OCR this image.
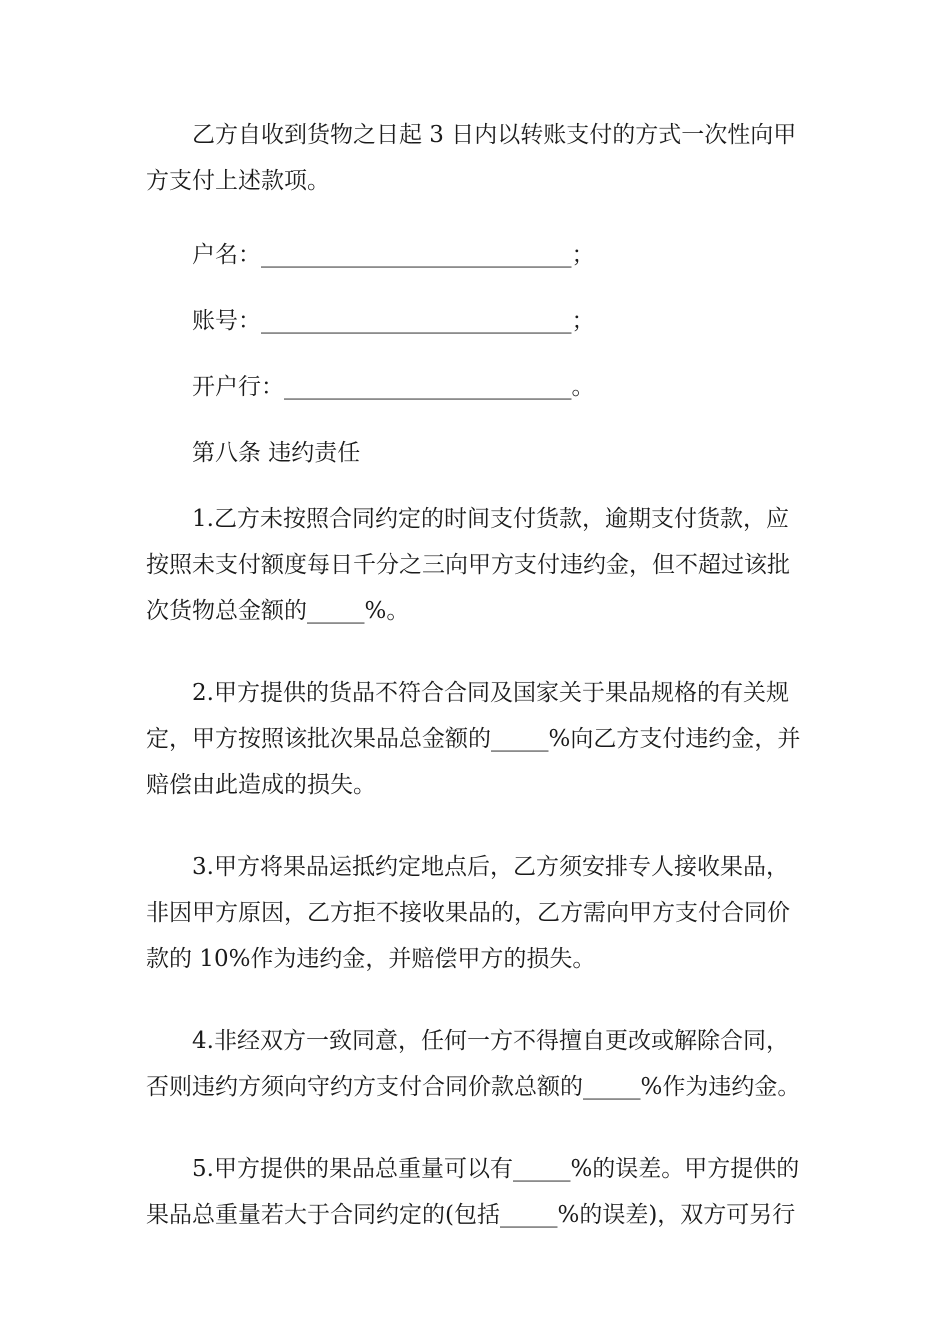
乙方自收到货物之日起 3 日内以转账支付的方式一次性向甲方支付上述款项。

户名：___________________________；
账号：___________________________；
开户行：_________________________。
第八条 违约责任

1.乙方未按照合同约定的时间支付货款，逾期支付货款，应按照未支付额度每日千分之三向甲方支付违约金，但不超过该批次货物总金额的_____%。

2.甲方提供的货品不符合合同及国家关于果品规格的有关规定，甲方按照该批次果品总金额的_____%向乙方支付违约金，并赔偿由此造成的损失。

3.甲方将果品运抵约定地点后，乙方须安排专人接收果品，非因甲方原因，乙方拒不接收果品的，乙方需向甲方支付合同价款的 10%作为违约金，并赔偿甲方的损失。

4.非经双方一致同意，任何一方不得擅自更改或解除合同，否则违约方须向守约方支付合同价款总额的_____%作为违约金。

5.甲方提供的果品总重量可以有_____%的误差。甲方提供的果品总重量若大于合同约定的(包括_____%的误差)，双方可另行
